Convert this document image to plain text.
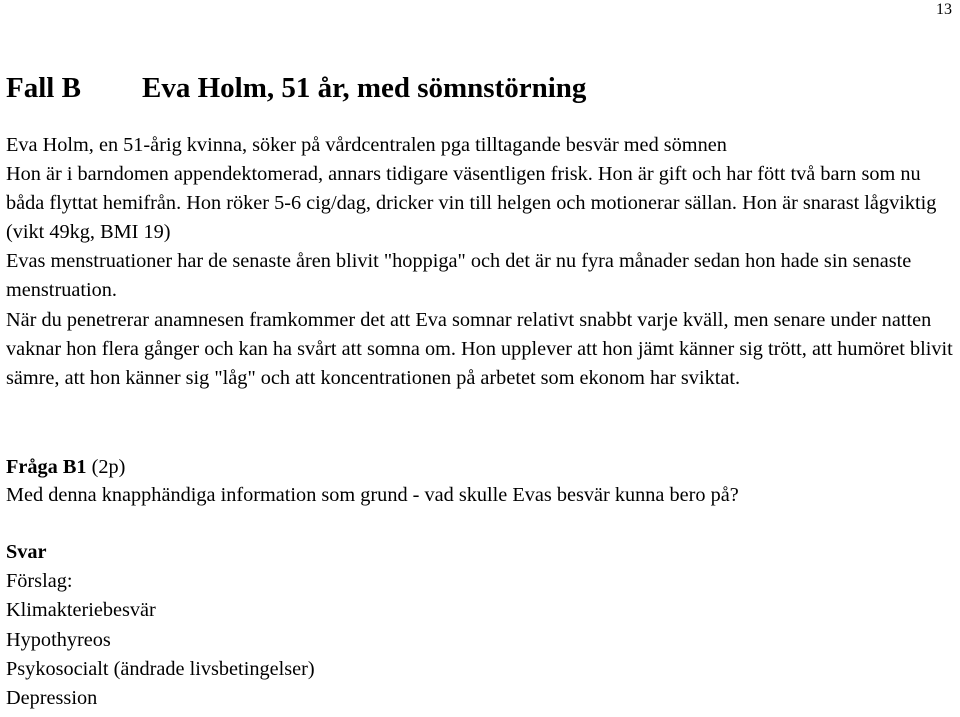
13
Fall B Eva Holm, 51 år, med sömnstörning

Eva Holm, en 51-årig kvinna, söker på vårdcentralen pga tilltagande besvär med sömnen

Hon är i barndomen appendektomerad, annars tidigare väsentligen frisk. Hon är gift och har fött två barn som nu båda flyttat hemifrån. Hon röker 5-6 cig/dag, dricker vin till helgen och motionerar sällan. Hon är snarast lågviktig (vikt 49kg, BMI 19)

Evas menstruationer har de senaste åren blivit "hoppiga" och det är nu fyra månader sedan hon hade sin senaste menstruation.

När du penetrerar anamnesen framkommer det att Eva somnar relativt snabbt varje kväll, men senare under natten vaknar hon flera gånger och kan ha svårt att somna om. Hon upplever att hon jämt känner sig trött, att humöret blivit sämre, att hon känner sig "låg" och att koncentrationen på arbetet som ekonom har sviktat.

Fråga B1 (2p)

Med denna knapphändiga information som grund - vad skulle Evas besvär kunna bero på?

Svar

Förslag:

Klimakteriebesvär
Hypothyreos
Psykosocialt (ändrade livsbetingelser)
Depression
